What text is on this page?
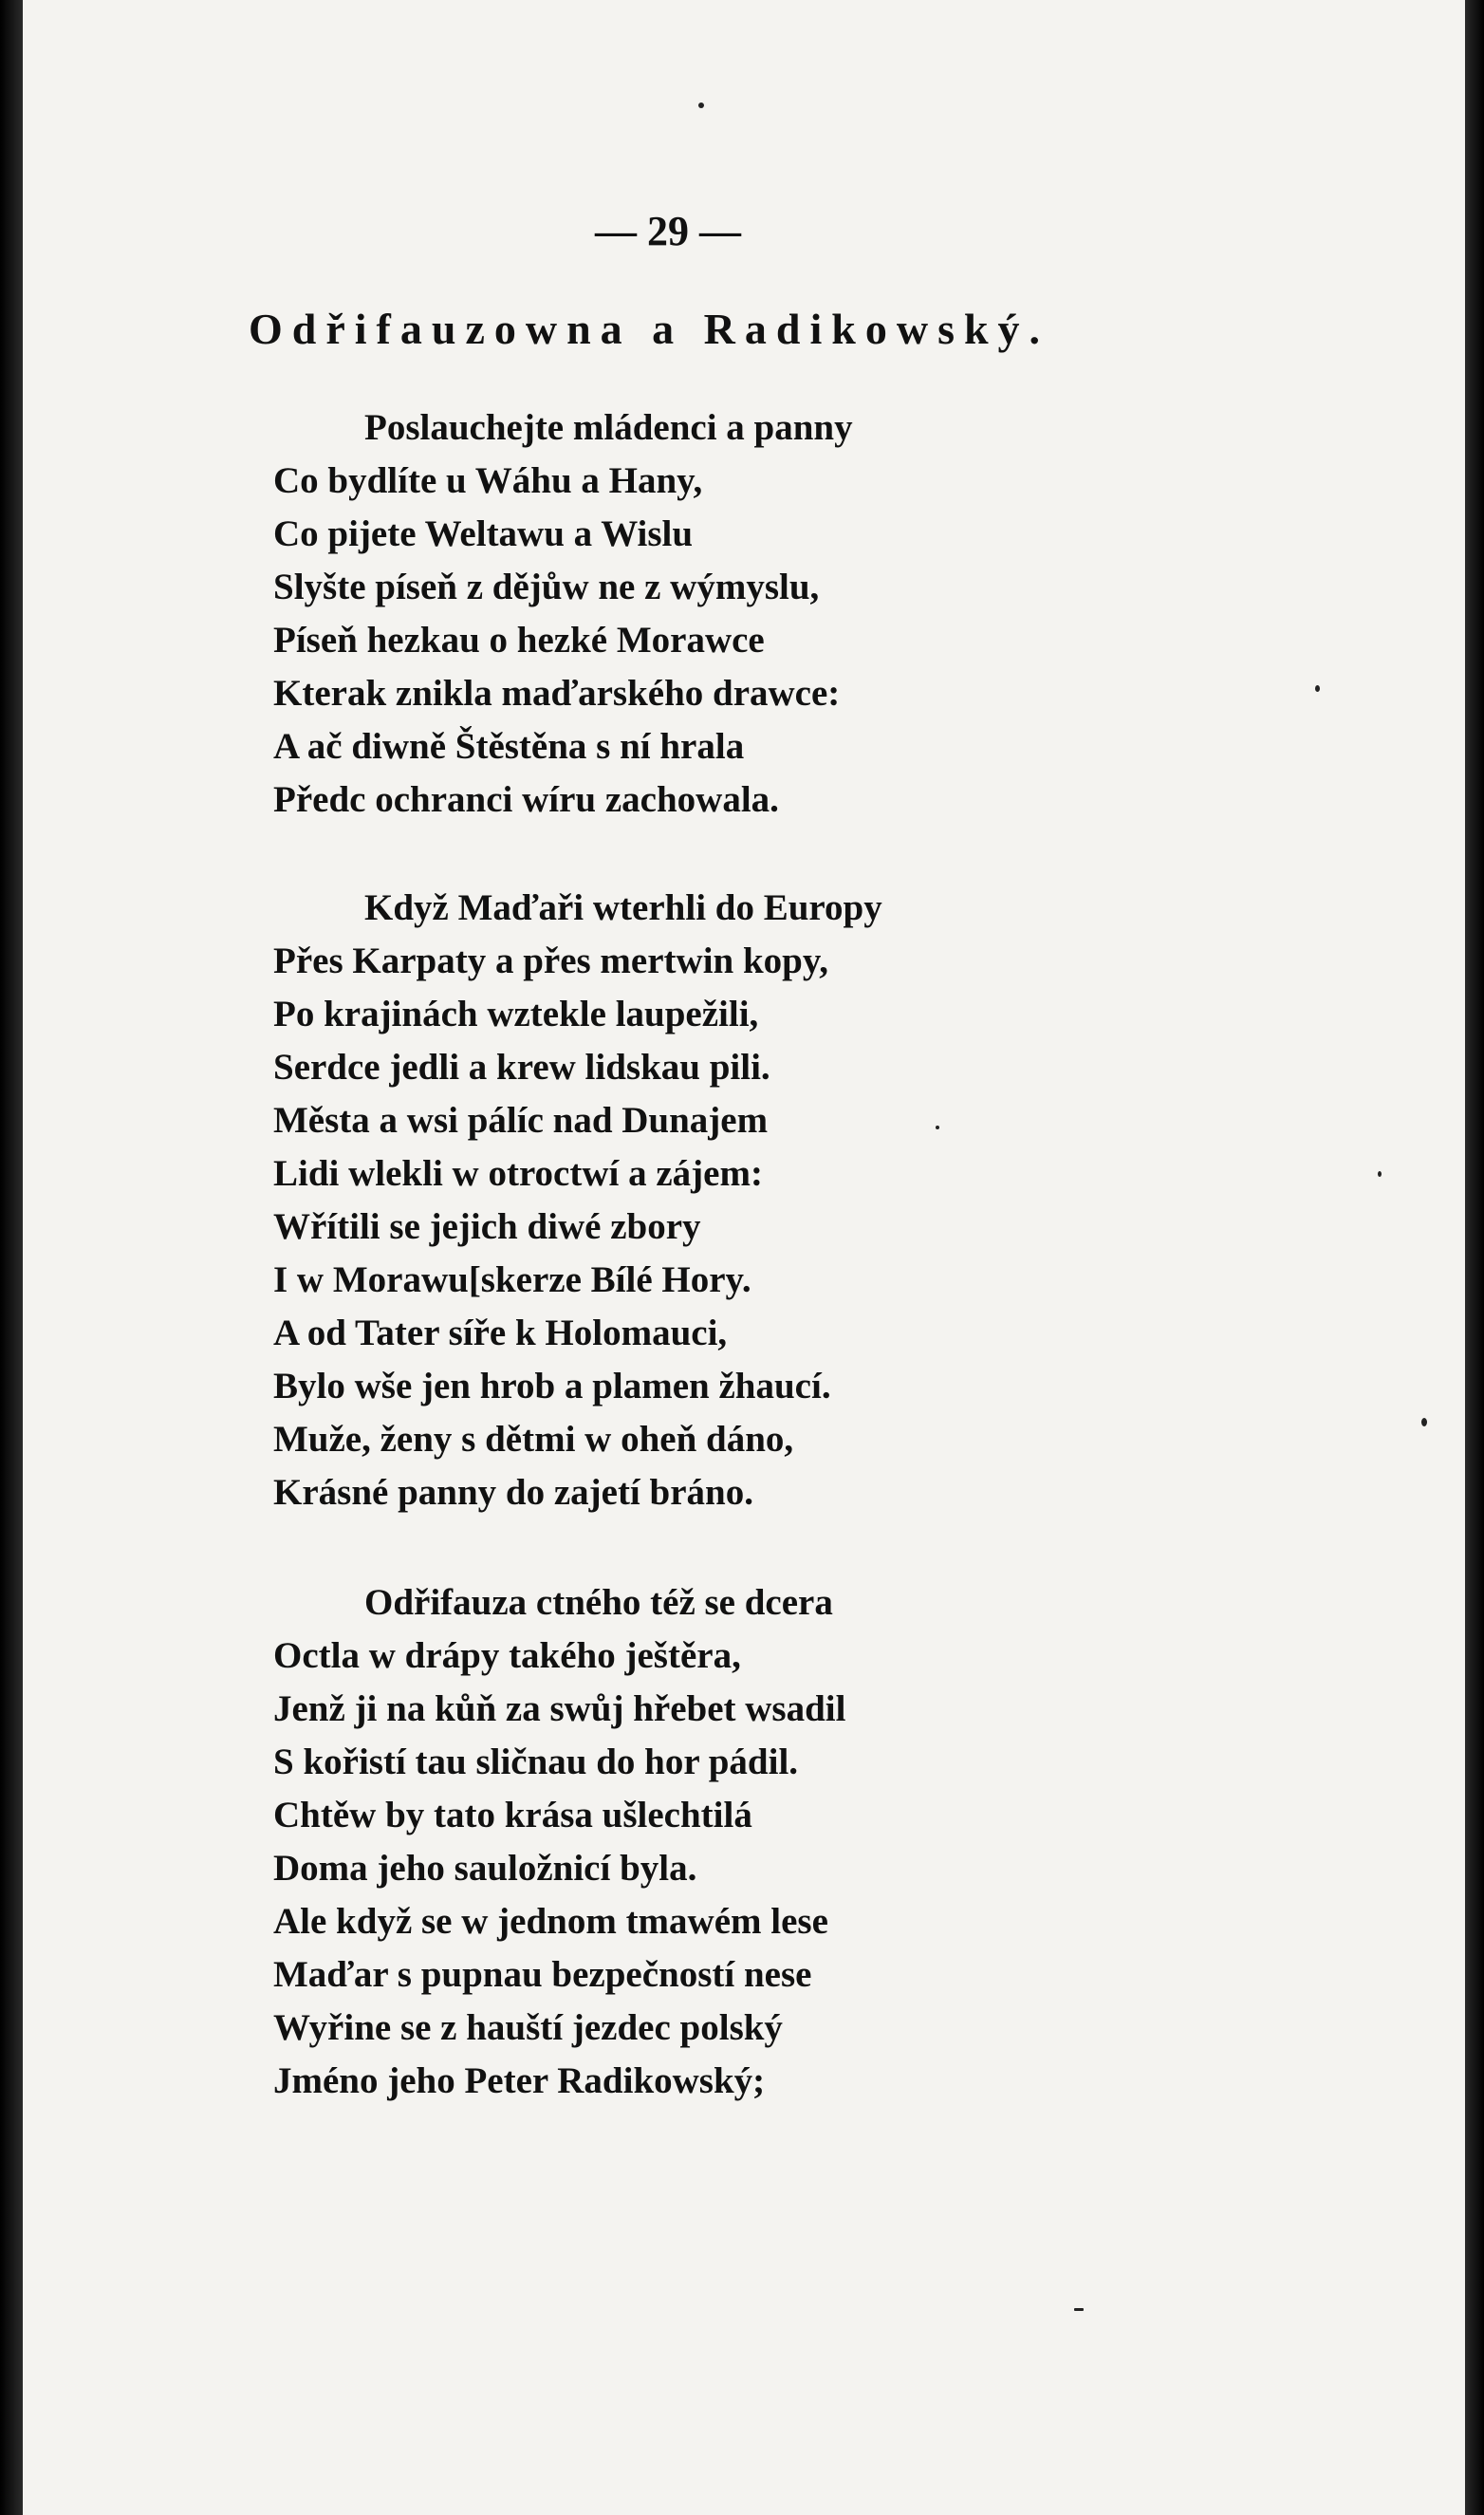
— 29 —
Odřifauzowna a Radikowský.
Poslauchejte mládenci a panny
Co bydlíte u Wáhu a Hany,
Co pijete Weltawu a Wislu
Slyšte píseň z dějůw ne z wýmyslu,
Píseň hezkau o hezké Morawce
Kterak znikla maďarského drawce:
A ač diwně Štěstěna s ní hrala
Předc ochranci wíru zachowala.
Když Maďaři wterhli do Europy
Přes Karpaty a přes mertwin kopy,
Po krajinách wztekle laupežili,
Serdce jedli a krew lidskau pili.
Města a wsi pálíc nad Dunajem
Lidi wlekli w otroctwí a zájem:
Wřítili se jejich diwé zbory
I w Morawu[skerze Bílé Hory.
A od Tater síře k Holomauci,
Bylo wše jen hrob a plamen žhaucí.
Muže, ženy s dětmi w oheň dáno,
Krásné panny do zajetí bráno.
Odřifauza ctného též se dcera
Octla w drápy takého ještěra,
Jenž ji na kůň za swůj hřebet wsadil
S kořistí tau sličnau do hor pádil.
Chtěw by tato krása ušlechtilá
Doma jeho sauložnicí byla.
Ale když se w jednom tmawém lese
Maďar s pupnau bezpečností nese
Wyřine se z hauští jezdec polský
Jméno jeho Peter Radikowský;
